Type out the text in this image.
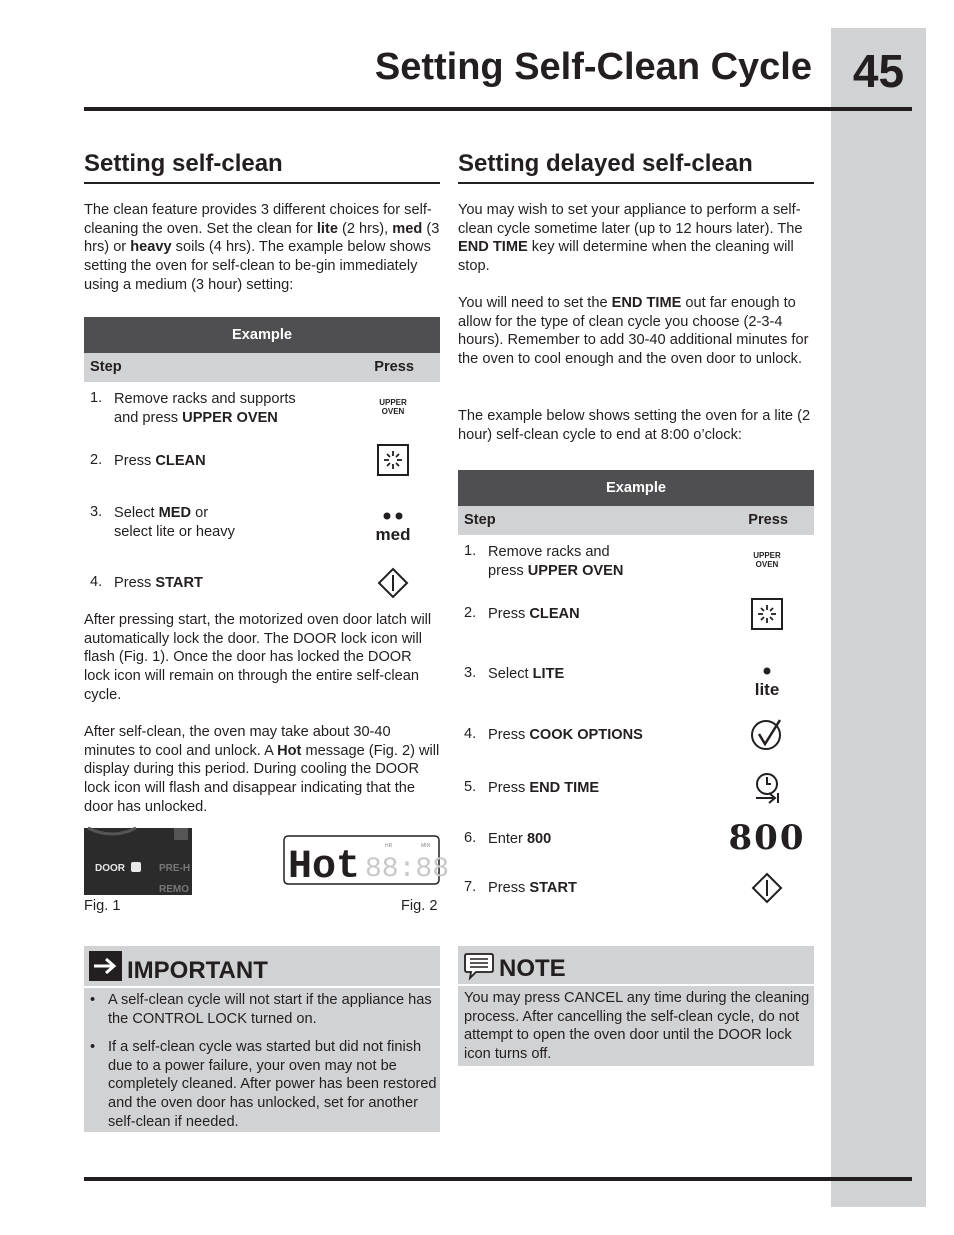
45
Setting Self-Clean Cycle
Setting self-clean
The clean feature provides 3 different choices for self-cleaning the oven. Set the clean for lite (2 hrs), med (3 hrs) or heavy soils (4 hrs). The example below shows setting the oven for self-clean to be-gin immediately using a medium (3 hour) setting:
Example
Step	Press
1. Remove racks and supports
and press UPPER OVEN
UPPER
OVEN
2. Press CLEAN
3. Select MED or
select lite or heavy	med
4. Press START
After pressing start, the motorized oven door latch will automatically lock the door. The DOOR lock icon will flash (Fig. 1). Once the door has locked the DOOR lock icon will remain on through the entire self-clean cycle.
After self-clean, the oven may take about 30-40 minutes to cool and unlock. A Hot message (Fig. 2) will display during this period. During cooling the DOOR lock icon will flash and disappear indicating that the door has unlocked.
DOOR	PRE-H
REMO
Fig. 1
Hot 88:88
HR	MIN
Fig. 2
IMPORTANT
• A self-clean cycle will not start if the appliance has the CONTROL LOCK turned on.
• If a self-clean cycle was started but did not finish due to a power failure, your oven may not be completely cleaned. After power has been restored and the oven door has unlocked, set for another self-clean if needed.
Setting delayed self-clean
You may wish to set your appliance to perform a self-clean cycle sometime later (up to 12 hours later). The END TIME key will determine when the cleaning will stop.
You will need to set the END TIME out far enough to allow for the type of clean cycle you choose (2-3-4 hours). Remember to add 30-40 additional minutes for the oven to cool enough and the oven door to unlock.
The example below shows setting the oven for a lite (2 hour) self-clean cycle to end at 8:00 o’clock:
Example
Step	Press
1. Remove racks and
press UPPER OVEN
UPPER
OVEN
2. Press CLEAN
3. Select LITE
lite
4. Press COOK OPTIONS
5. Press END TIME
6. Enter 800	800
7. Press START
NOTE
You may press CANCEL any time during the cleaning process. After cancelling the self-clean cycle, do not attempt to open the oven door until the DOOR lock icon turns off.
